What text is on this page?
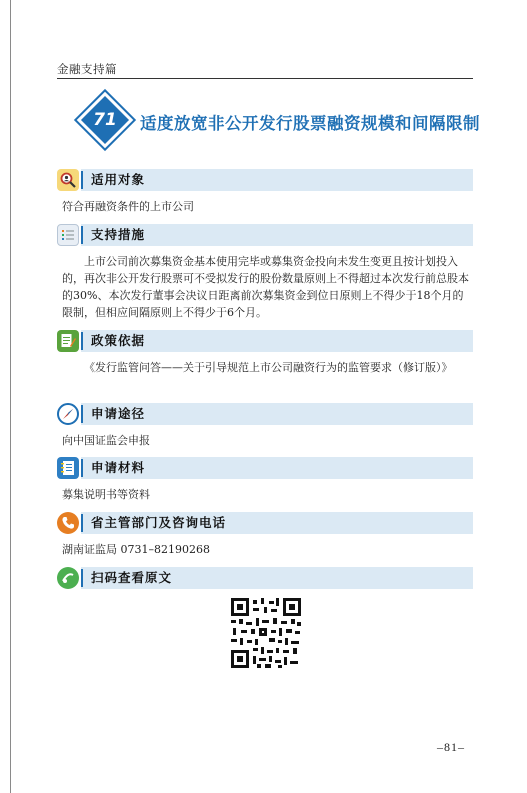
金融支持篇
71	适度放宽非公开发行股票融资规模和间隔限制
适用对象
符合再融资条件的上市公司
支持措施
上市公司前次募集资金基本使用完毕或募集资金投向未发生变更且按计划投入的，再次非公开发行股票可不受拟发行的股份数量原则上不得超过本次发行前总股本的30%、本次发行董事会决议日距离前次募集资金到位日原则上不得少于18个月的限制，但相应间隔原则上不得少于6个月。
政策依据
《发行监管问答——关于引导规范上市公司融资行为的监管要求（修订版）》
申请途径
向中国证监会申报
申请材料
募集说明书等资料
省主管部门及咨询电话
湖南证监局 0731–82190268
扫码查看原文
–81–
